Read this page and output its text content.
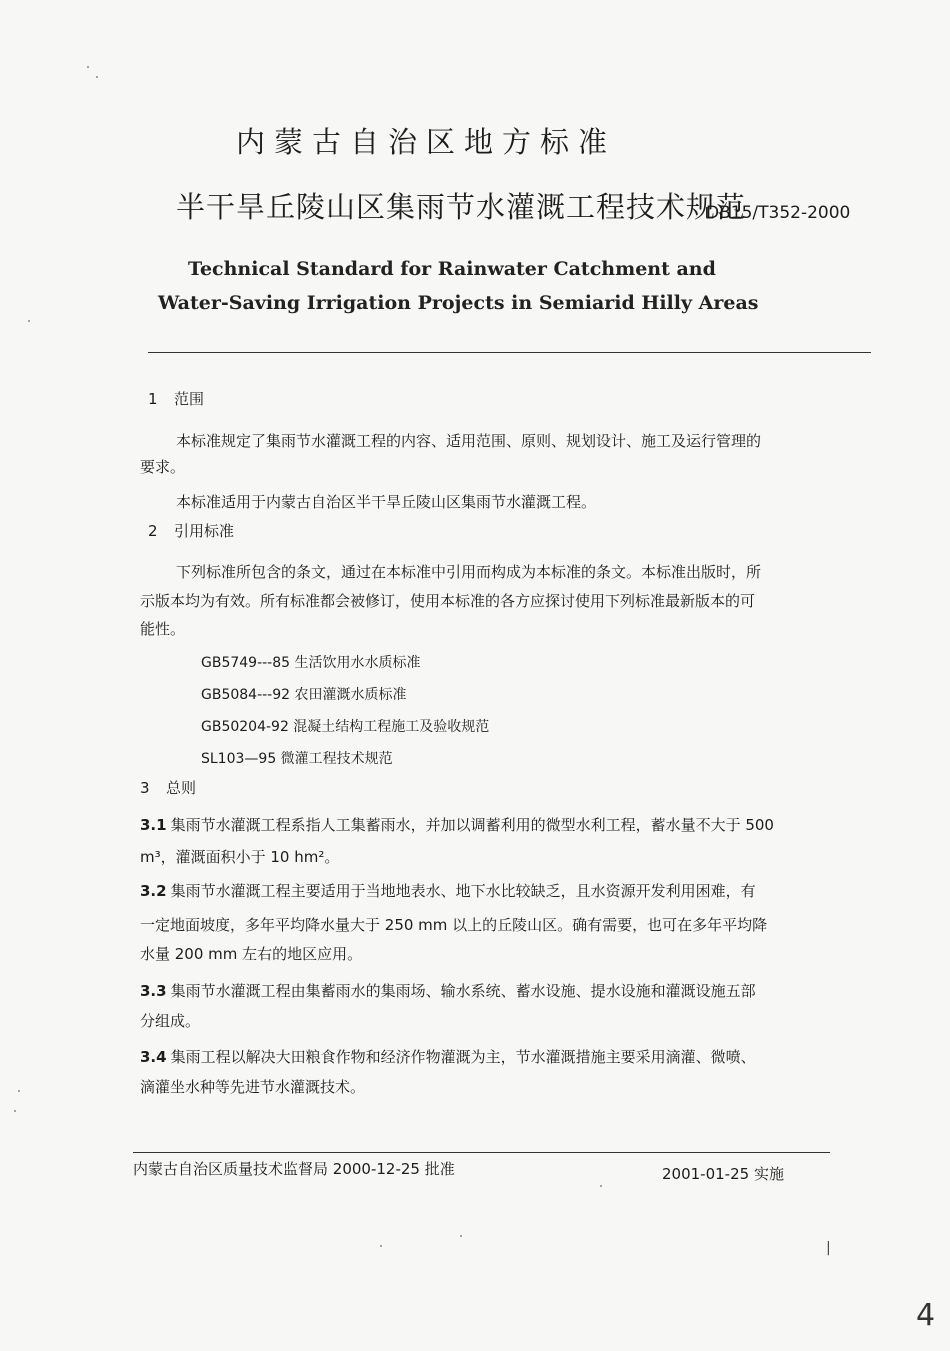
内蒙古自治区地方标准
半干旱丘陵山区集雨节水灌溉工程技术规范
DB15/T352-2000
Technical Standard for Rainwater Catchment and
Water-Saving Irrigation Projects in Semiarid Hilly Areas
1 范围
本标准规定了集雨节水灌溉工程的内容、适用范围、原则、规划设计、施工及运行管理的
要求。
本标准适用于内蒙古自治区半干旱丘陵山区集雨节水灌溉工程。
2 引用标准
下列标准所包含的条文，通过在本标准中引用而构成为本标准的条文。本标准出版时，所
示版本均为有效。所有标准都会被修订，使用本标准的各方应探讨使用下列标准最新版本的可
能性。
GB5749---85 生活饮用水水质标准
GB5084---92 农田灌溉水质标准
GB50204-92 混凝土结构工程施工及验收规范
SL103—95 微灌工程技术规范
3 总则
3.1 集雨节水灌溉工程系指人工集蓄雨水，并加以调蓄利用的微型水利工程，蓄水量不大于 500
m³，灌溉面积小于 10 hm²。
3.2 集雨节水灌溉工程主要适用于当地地表水、地下水比较缺乏，且水资源开发利用困难，有
一定地面坡度，多年平均降水量大于 250 mm 以上的丘陵山区。确有需要，也可在多年平均降
水量 200 mm 左右的地区应用。
3.3 集雨节水灌溉工程由集蓄雨水的集雨场、输水系统、蓄水设施、提水设施和灌溉设施五部
分组成。
3.4 集雨工程以解决大田粮食作物和经济作物灌溉为主，节水灌溉措施主要采用滴灌、微喷、
滴灌坐水种等先进节水灌溉技术。
内蒙古自治区质量技术监督局 2000-12-25 批准	2001-01-25 实施
|
4
